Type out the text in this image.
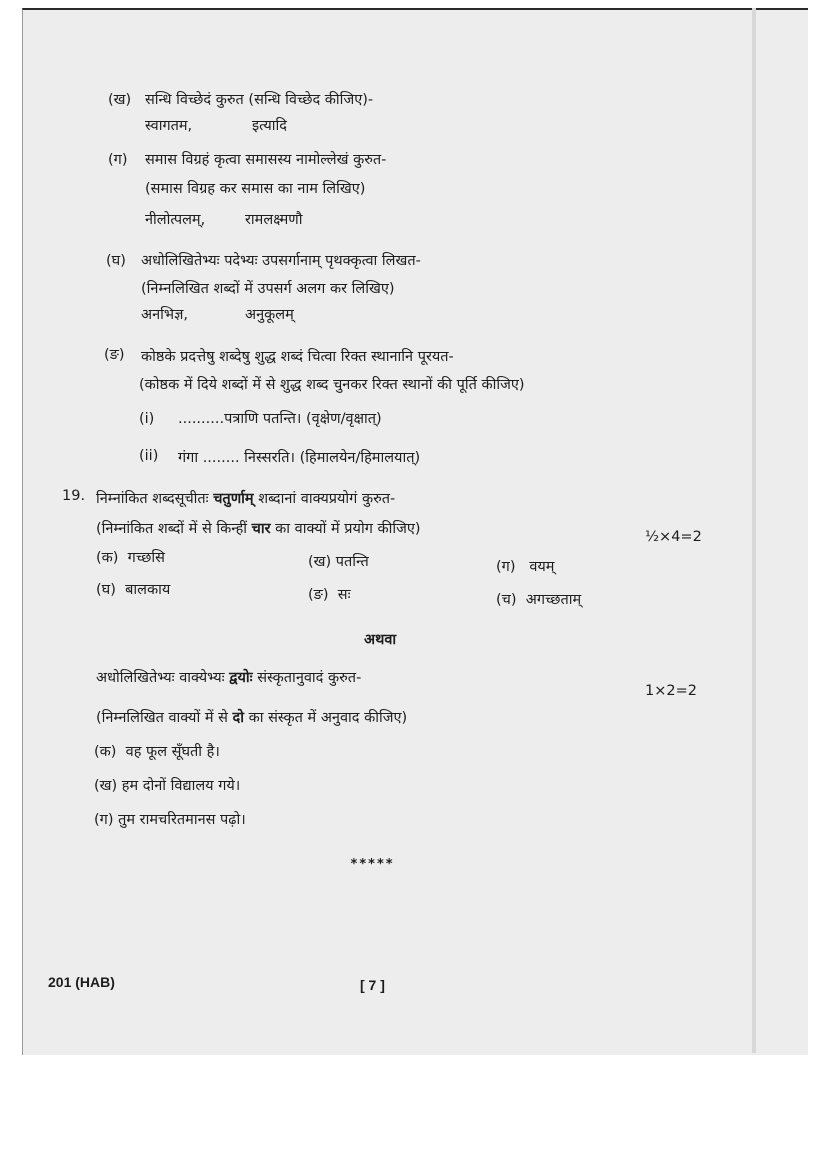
(ख) सन्धि विच्छेदं कुरुत (सन्धि विच्छेद कीजिए)-
स्वागतम,	इत्यादि
(ग) समास विग्रहं कृत्वा समासस्य नामोल्लेखं कुरुत-
(समास विग्रह कर समास का नाम लिखिए)
नीलोत्पलम्,	रामलक्ष्मणौ
(घ) अधोलिखितेभ्यः पदेभ्यः उपसर्गानाम् पृथक्कृत्वा लिखत-
(निम्नलिखित शब्दों में उपसर्ग अलग कर लिखिए)
अनभिज्ञ,	अनुकूलम्
(ङ) कोष्ठके प्रदत्तेषु शब्देषु शुद्ध शब्दं चित्वा रिक्त स्थानानि पूरयत-
(कोष्ठक में दिये शब्दों में से शुद्ध शब्द चुनकर रिक्त स्थानों की पूर्ति कीजिए)
(i) ..........पत्राणि पतन्ति। (वृक्षेण/वृक्षात्)
(ii) गंगा ........ निस्सरति। (हिमालयेन/हिमालयात्)
19. निम्नांकित शब्दसूचीतः चतुर्णाम् शब्दानां वाक्यप्रयोगं कुरुत-
(निम्नांकित शब्दों में से किन्हीं चार का वाक्यों में प्रयोग कीजिए)	½×4=2
(क) गच्छसि	(ख) पतन्ति	(ग) वयम्
(घ) बालकाय	(ङ) सः	(च) अगच्छताम्
अथवा
अधोलिखितेभ्यः वाक्येभ्यः द्वयोः संस्कृतानुवादं कुरुत-
1×2=2
(निम्नलिखित वाक्यों में से दो का संस्कृत में अनुवाद कीजिए)
(क) वह फूल सूँघती है।
(ख) हम दोनों विद्यालय गये।
(ग) तुम रामचरितमानस पढ़ो।
*****
201 (HAB)	[ 7 ]
